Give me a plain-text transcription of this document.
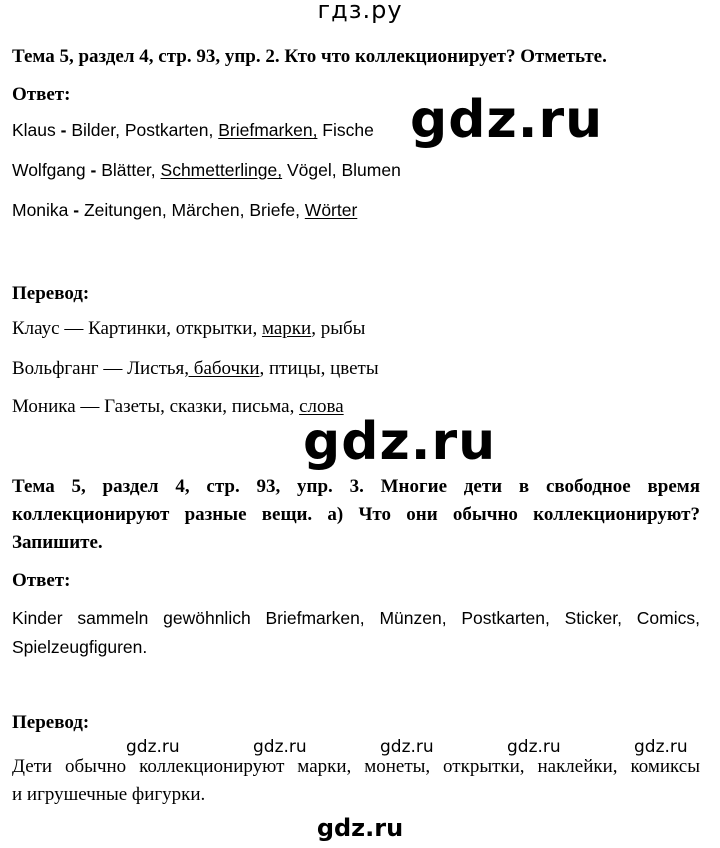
гдз.ру
Тема 5, раздел 4, стр. 93, упр. 2. Кто что коллекционирует? Отметьте.
Ответ:
Klaus - Bilder, Postkarten, Briefmarken, Fische
Wolfgang - Blätter, Schmetterlinge, Vögel, Blumen
Monika - Zeitungen, Märchen, Briefe, Wörter
Перевод:
Клаус — Картинки, открытки, марки, рыбы
Вольфганг — Листья, бабочки, птицы, цветы
Моника — Газеты, сказки, письма, слова
gdz.ru
gdz.ru
Тема 5, раздел 4, стр. 93, упр. 3. Многие дети в свободное время
коллекционируют разные вещи. а) Что они обычно коллекционируют?
Запишите.
Ответ:
Kinder sammeln gewöhnlich Briefmarken, Münzen, Postkarten, Sticker, Comics,
Spielzeugfiguren.
Перевод:
gdz.ru	gdz.ru	gdz.ru	gdz.ru	gdz.ru
Дети обычно коллекционируют марки, монеты, открытки, наклейки, комиксы
и игрушечные фигурки.
gdz.ru
